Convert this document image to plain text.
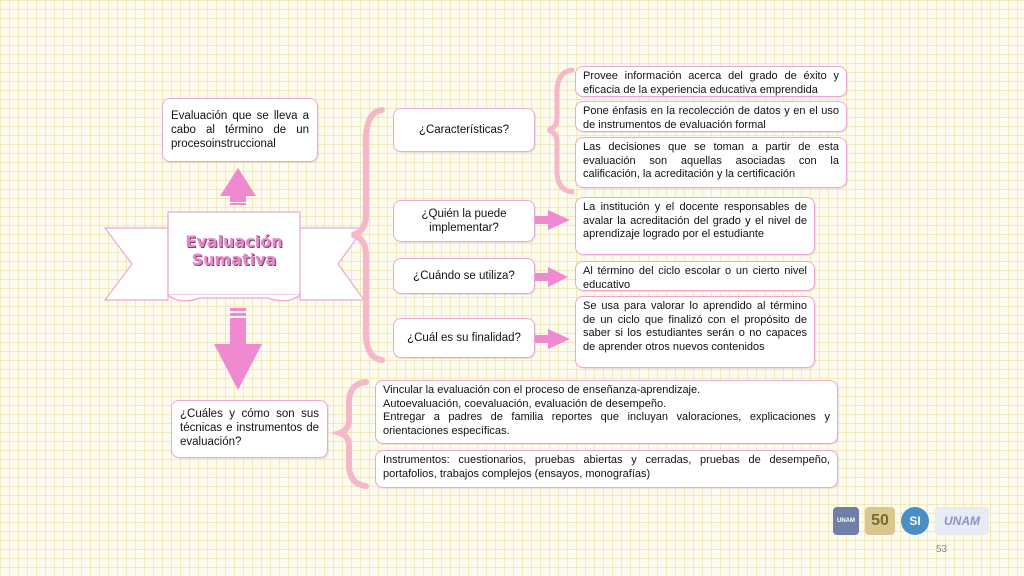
Evaluación
Sumativa
Evaluación que se lleva a cabo al término de un procesoinstruccional
¿Características?
¿Quién la puede implementar?
¿Cuándo se utiliza?
¿Cuál es su finalidad?
Provee información acerca del grado de éxito y eficacia de la experiencia educativa emprendida
Pone énfasis en la recolección de datos y en el uso de instrumentos de evaluación formal
Las decisiones que se toman a partir de esta evaluación son aquellas asociadas con la calificación, la acreditación y la certificación
La institución y el docente responsables de avalar la acreditación del grado y el nivel de aprendizaje logrado por el estudiante
Al término del ciclo escolar o un cierto nivel educativo
Se usa para valorar lo aprendido al término de un ciclo que finalizó con el propósito de saber si los estudiantes serán o no capaces de aprender otros nuevos contenidos
¿Cuáles y cómo son sus técnicas e instrumentos de evaluación?
Vincular la evaluación con el proceso de enseñanza-aprendizaje.
Autoevaluación, coevaluación, evaluación de desempeño.
Entregar a padres de familia reportes que incluyan valoraciones, explicaciones y orientaciones específicas.
Instrumentos: cuestionarios, pruebas abiertas y cerradas, pruebas de desempeño, portafolios, trabajos complejos (ensayos, monografías)
UNAM 50 SI UNAM
53
